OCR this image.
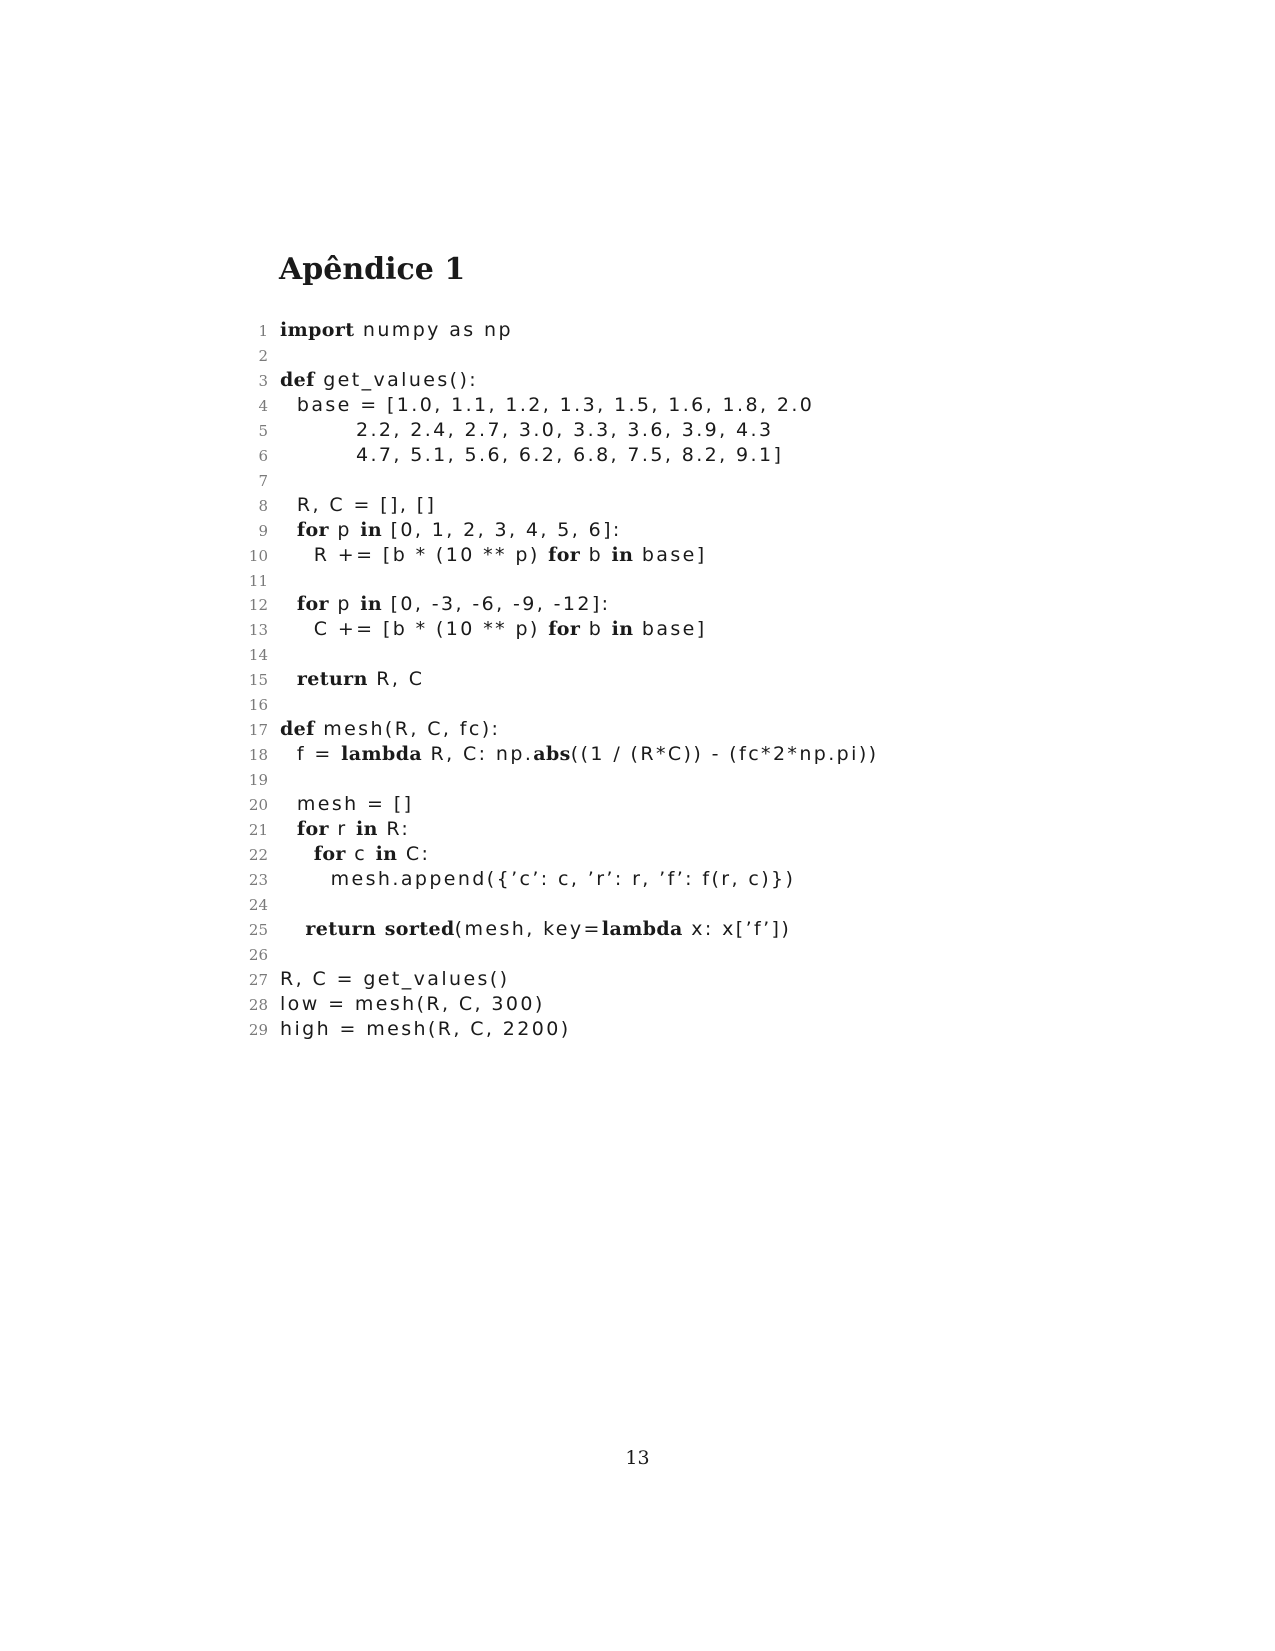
Apêndice 1
1 import numpy as np
2
3 def get_values():
4 base = [1.0, 1.1, 1.2, 1.3, 1.5, 1.6, 1.8, 2.0
5 2.2, 2.4, 2.7, 3.0, 3.3, 3.6, 3.9, 4.3
6 4.7, 5.1, 5.6, 6.2, 6.8, 7.5, 8.2, 9.1]
7
8 R, C = [], []
9	for p in [0, 1, 2, 3, 4, 5, 6]:
10 R += [b * (10 ** p) for b in base]
11
12	for p in [0, -3, -6, -9, -12]:
13 C += [b * (10 ** p) for b in base]
14
15	return R, C
16
17 def mesh(R, C, fc):
18 f = lambda R, C: np.abs((1 / (R*C)) - (fc*2*np.pi))
19
20 mesh = []
21	for r in R:
22	for c in C:
23 mesh.append({’c’: c, ’r’: r, ’f’: f(r, c)})
24
25	return sorted(mesh, key=lambda x: x[’f’])
26
27 R, C = get_values()
28 low = mesh(R, C, 300)
29 high = mesh(R, C, 2200)
13
